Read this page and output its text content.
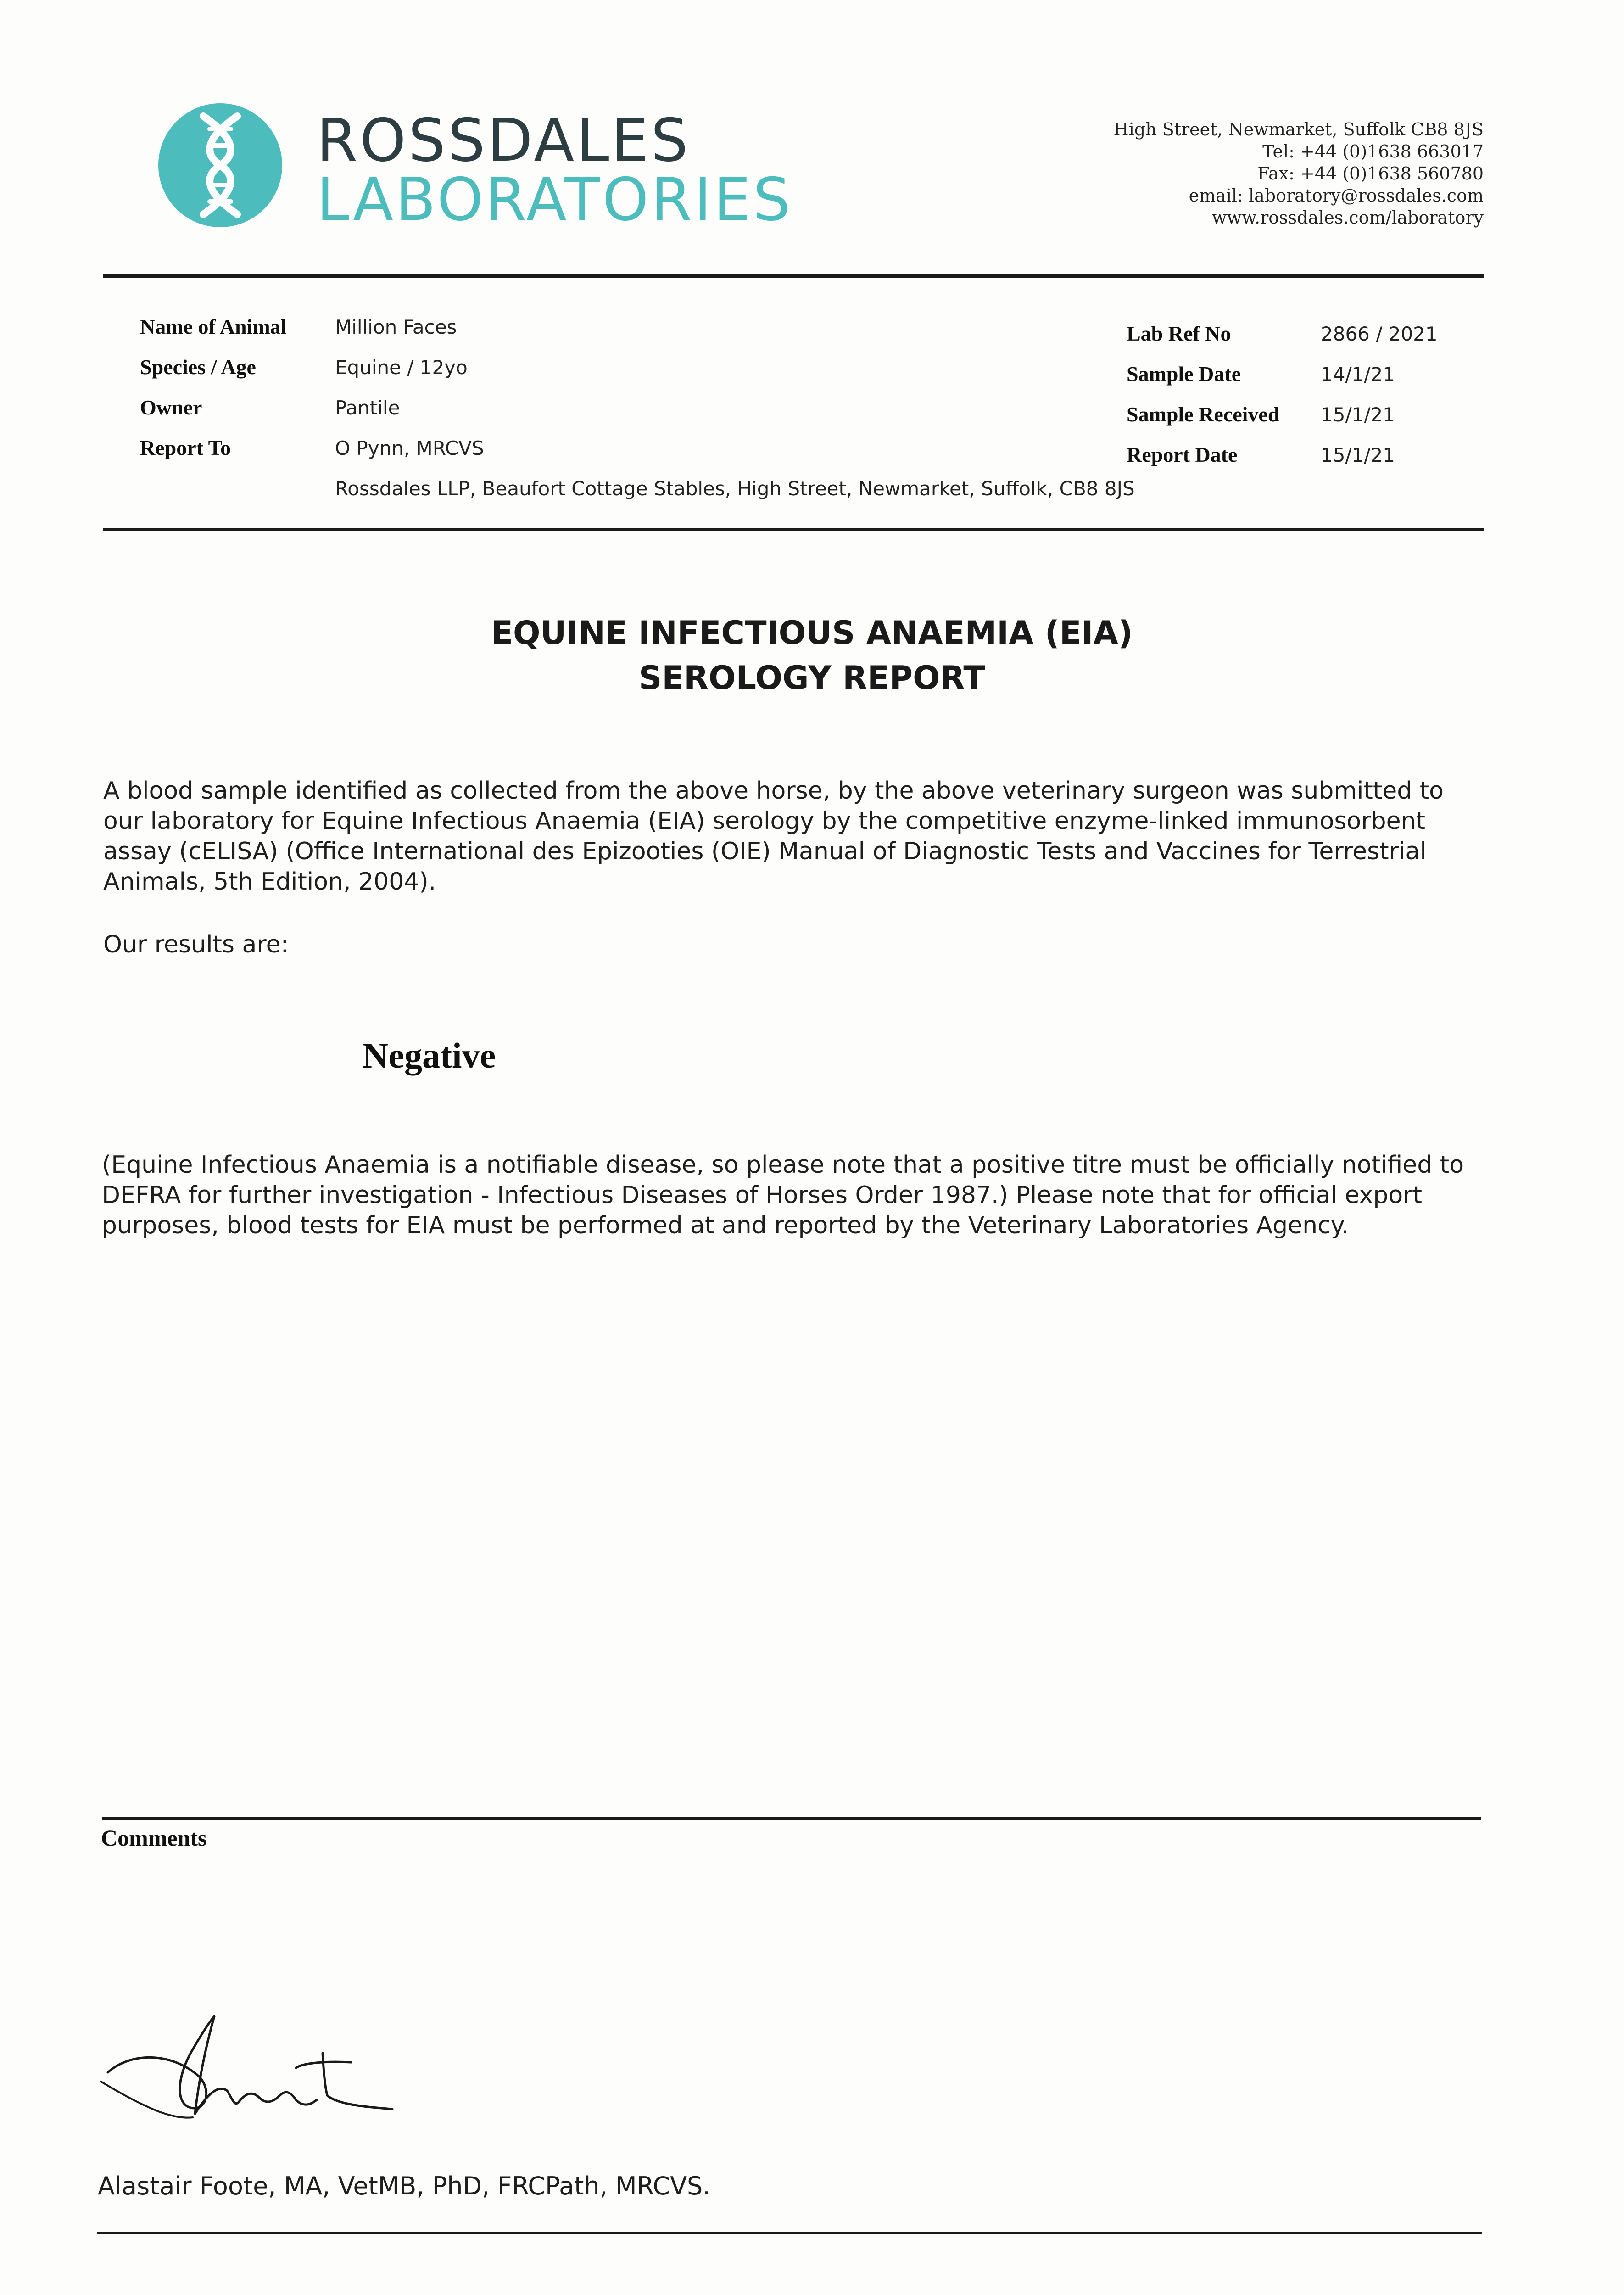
ROSSDALES
LABORATORIES
High Street, Newmarket, Suffolk CB8 8JS
Tel: +44 (0)1638 663017
Fax: +44 (0)1638 560780
email: laboratory@rossdales.com
www.rossdales.com/laboratory
Name of Animal	Million Faces
Species / Age	Equine / 12yo
Owner	Pantile
Report To	O Pynn, MRCVS
Rossdales LLP, Beaufort Cottage Stables, High Street, Newmarket, Suffolk, CB8 8JS
Lab Ref No	2866 / 2021
Sample Date	14/1/21
Sample Received 15/1/21
Report Date	15/1/21
EQUINE INFECTIOUS ANAEMIA (EIA)
SEROLOGY REPORT
A blood sample identified as collected from the above horse, by the above veterinary surgeon was submitted to our laboratory for Equine Infectious Anaemia (EIA) serology by the competitive enzyme-linked immunosorbent assay (cELISA) (Office International des Epizooties (OIE) Manual of Diagnostic Tests and Vaccines for Terrestrial Animals, 5th Edition, 2004).
Our results are:
Negative
(Equine Infectious Anaemia is a notifiable disease, so please note that a positive titre must be officially notified to DEFRA for further investigation - Infectious Diseases of Horses Order 1987.) Please note that for official export purposes, blood tests for EIA must be performed at and reported by the Veterinary Laboratories Agency.
Comments
Alastair Foote, MA, VetMB, PhD, FRCPath, MRCVS.
